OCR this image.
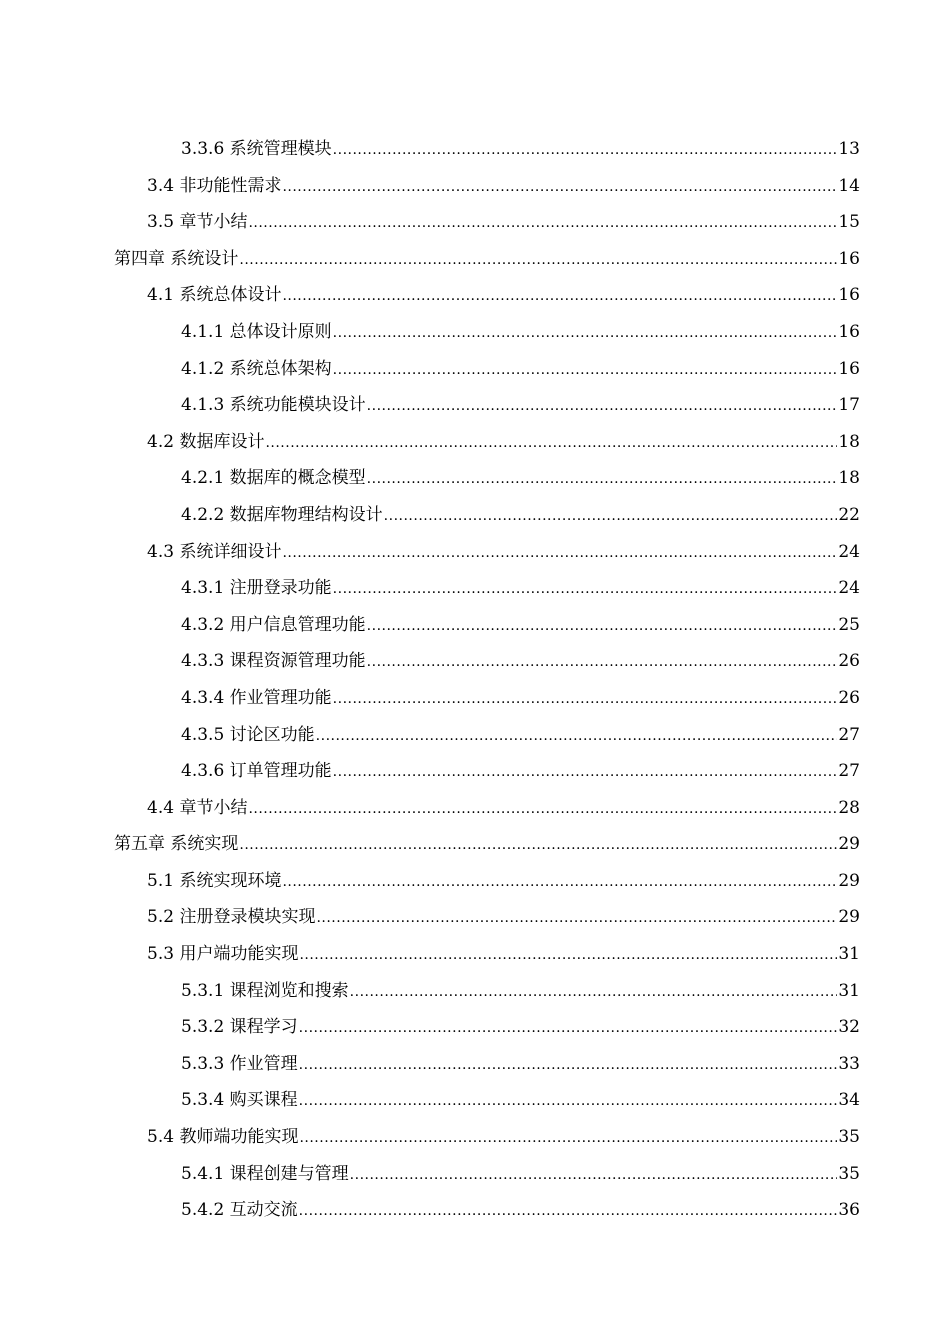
3.3.6 系统管理模块 .....	13
3.4 非功能性需求 .....	14
3.5 章节小结 .....	15
第四章 系统设计 .....	16
4.1 系统总体设计 .....	16
4.1.1 总体设计原则 .....	16
4.1.2 系统总体架构 .....	16
4.1.3 系统功能模块设计 .....	17
4.2 数据库设计 .....	18
4.2.1 数据库的概念模型 .....	18
4.2.2 数据库物理结构设计 .....	22
4.3 系统详细设计 .....	24
4.3.1 注册登录功能 .....	24
4.3.2 用户信息管理功能 .....	25
4.3.3 课程资源管理功能 .....	26
4.3.4 作业管理功能 .....	26
4.3.5 讨论区功能 .....	27
4.3.6 订单管理功能 .....	27
4.4 章节小结 .....	28
第五章 系统实现 .....	29
5.1 系统实现环境 .....	29
5.2 注册登录模块实现 .....	29
5.3 用户端功能实现 .....	31
5.3.1 课程浏览和搜索 .....	31
5.3.2 课程学习 .....	32
5.3.3 作业管理 .....	33
5.3.4 购买课程 .....	34
5.4 教师端功能实现 .....	35
5.4.1 课程创建与管理 .....	35
5.4.2 互动交流 .....	36
